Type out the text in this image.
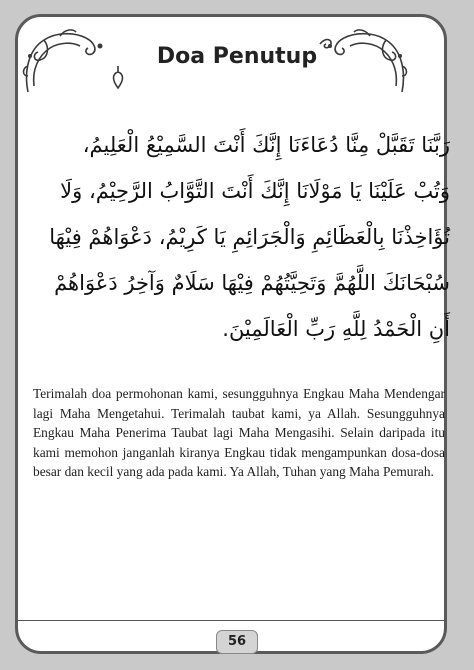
Doa Penutup
رَبَّنَا تَقَبَّلْ مِنَّا دُعَاءَنَا إِنَّكَ أَنْتَ السَّمِيْعُ الْعَلِيمُ،
وَتُبْ عَلَيْنَا يَا مَوْلَانَا إِنَّكَ أَنْتَ التَّوَّابُ الرَّحِيْمُ، وَلَا
تُؤَاخِذْنَا بِالْعَظَائِمِ وَالْجَرَائِمِ يَا كَرِيْمُ، دَعْوَاهُمْ فِيْهَا
سُبْحَانَكَ اللَّهُمَّ وَتَحِيَّتُهُمْ فِيْهَا سَلَامٌ وَآخِرُ دَعْوَاهُمْ
أَنِ الْحَمْدُ لِلَّهِ رَبِّ الْعَالَمِيْنَ.
Terimalah doa permohonan kami, sesungguhnya Engkau Maha Mendengar lagi Maha Mengetahui. Terimalah taubat kami, ya Allah. Sesungguhnya Engkau Maha Penerima Taubat lagi Maha Mengasihi. Selain daripada itu kami memohon janganlah kiranya Engkau tidak mengampunkan dosa-dosa besar dan kecil yang ada pada kami. Ya Allah, Tuhan yang Maha Pemurah.
56
